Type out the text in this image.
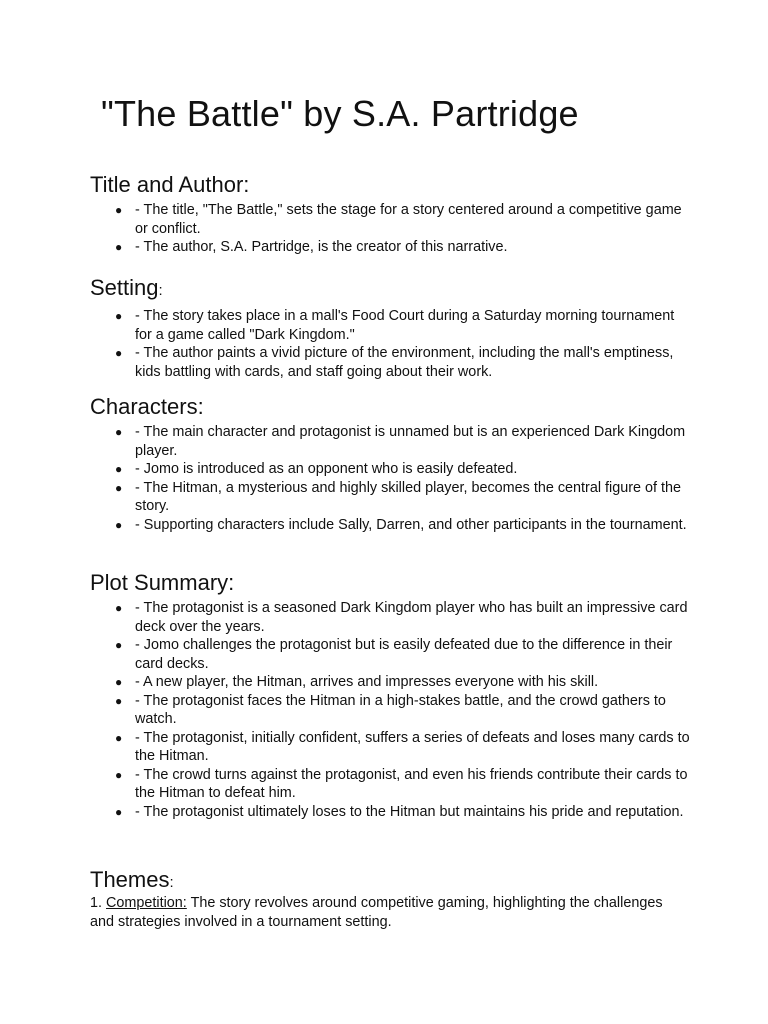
"The Battle" by S.A. Partridge
Title and Author:
● - The title, "The Battle," sets the stage for a story centered around a competitive game or conflict.
● - The author, S.A. Partridge, is the creator of this narrative.
Setting:
● - The story takes place in a mall's Food Court during a Saturday morning tournament for a game called "Dark Kingdom."
● - The author paints a vivid picture of the environment, including the mall's emptiness, kids battling with cards, and staff going about their work.
Characters:
● - The main character and protagonist is unnamed but is an experienced Dark Kingdom player.
● - Jomo is introduced as an opponent who is easily defeated.
● - The Hitman, a mysterious and highly skilled player, becomes the central figure of the story.
● - Supporting characters include Sally, Darren, and other participants in the tournament.
Plot Summary:
● - The protagonist is a seasoned Dark Kingdom player who has built an impressive card deck over the years.
● - Jomo challenges the protagonist but is easily defeated due to the difference in their card decks.
● - A new player, the Hitman, arrives and impresses everyone with his skill.
● - The protagonist faces the Hitman in a high-stakes battle, and the crowd gathers to watch.
● - The protagonist, initially confident, suffers a series of defeats and loses many cards to the Hitman.
● - The crowd turns against the protagonist, and even his friends contribute their cards to the Hitman to defeat him.
● - The protagonist ultimately loses to the Hitman but maintains his pride and reputation.
Themes:
1. Competition: The story revolves around competitive gaming, highlighting the challenges and strategies involved in a tournament setting.
